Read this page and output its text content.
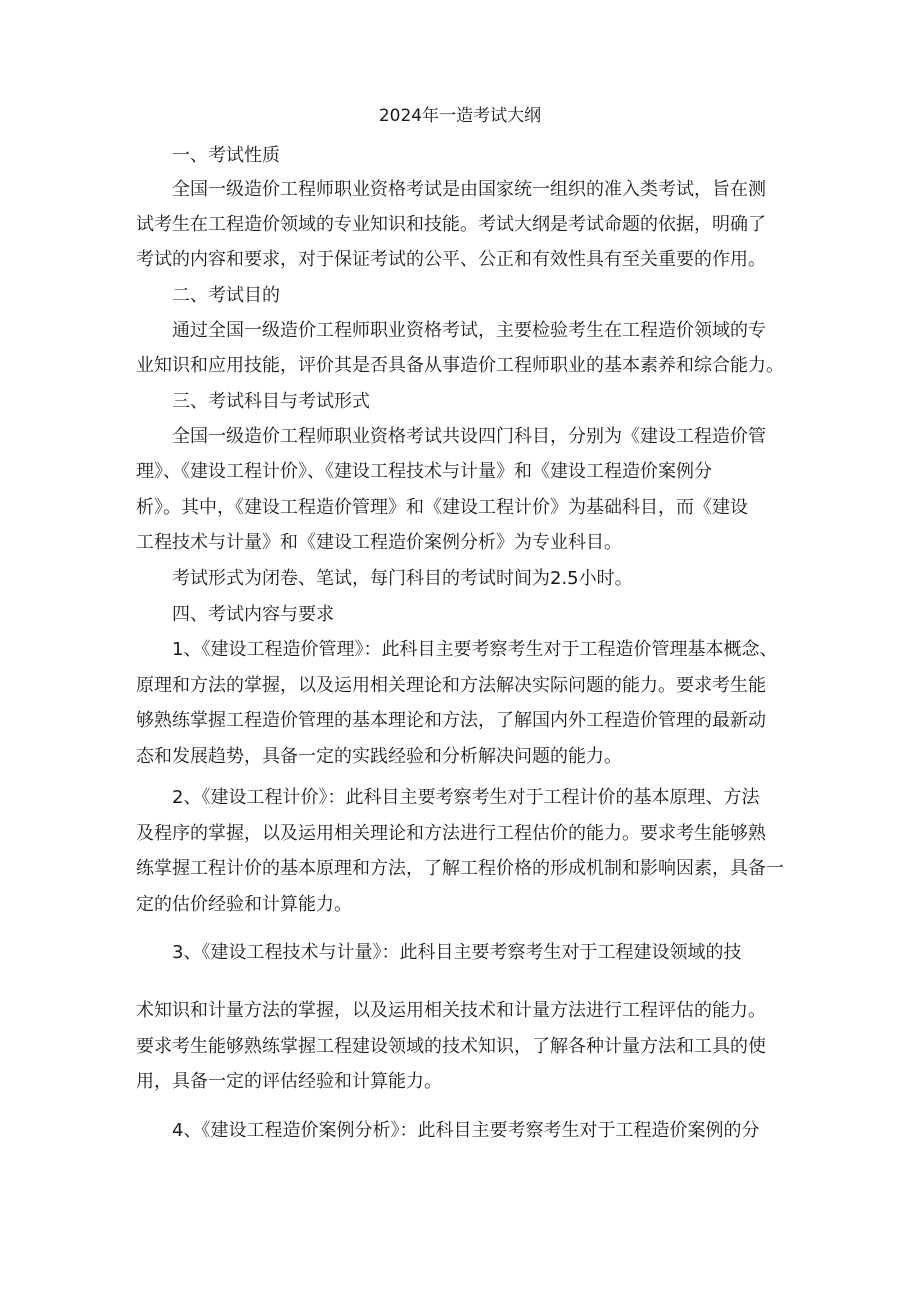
2024年一造考试大纲
一、考试性质
全国一级造价工程师职业资格考试是由国家统一组织的准入类考试，旨在测
试考生在工程造价领域的专业知识和技能。考试大纲是考试命题的依据，明确了
考试的内容和要求，对于保证考试的公平、公正和有效性具有至关重要的作用。
二、考试目的
通过全国一级造价工程师职业资格考试，主要检验考生在工程造价领域的专
业知识和应用技能，评价其是否具备从事造价工程师职业的基本素养和综合能力。
三、考试科目与考试形式
全国一级造价工程师职业资格考试共设四门科目，分别为《建设工程造价管
理》、《建设工程计价》、《建设工程技术与计量》和《建设工程造价案例分
析》。其中，《建设工程造价管理》和《建设工程计价》为基础科目，而《建设
工程技术与计量》和《建设工程造价案例分析》为专业科目。
考试形式为闭卷、笔试，每门科目的考试时间为2.5小时。
四、考试内容与要求
1、《建设工程造价管理》：此科目主要考察考生对于工程造价管理基本概念、
原理和方法的掌握，以及运用相关理论和方法解决实际问题的能力。要求考生能
够熟练掌握工程造价管理的基本理论和方法，了解国内外工程造价管理的最新动
态和发展趋势，具备一定的实践经验和分析解决问题的能力。
2、《建设工程计价》：此科目主要考察考生对于工程计价的基本原理、方法
及程序的掌握，以及运用相关理论和方法进行工程估价的能力。要求考生能够熟
练掌握工程计价的基本原理和方法，了解工程价格的形成机制和影响因素，具备一
定的估价经验和计算能力。
3、《建设工程技术与计量》：此科目主要考察考生对于工程建设领域的技
术知识和计量方法的掌握，以及运用相关技术和计量方法进行工程评估的能力。
要求考生能够熟练掌握工程建设领域的技术知识，了解各种计量方法和工具的使
用，具备一定的评估经验和计算能力。
4、《建设工程造价案例分析》：此科目主要考察考生对于工程造价案例的分
